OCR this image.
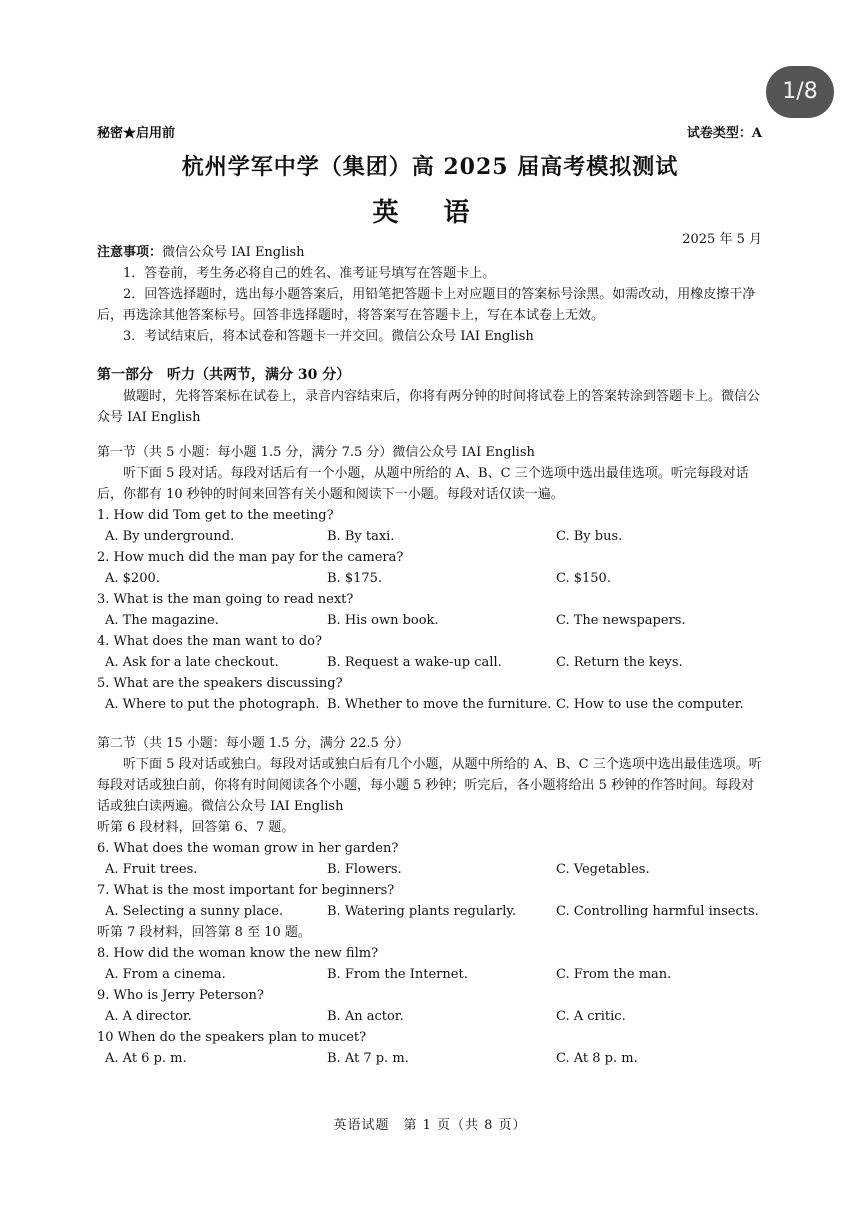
1/8
秘密★启用前	试卷类型：A
杭州学军中学（集团）高 2025 届高考模拟测试
英 语
2025 年 5 月
注意事项：微信公众号 IAI English
1．答卷前，考生务必将自己的姓名、准考证号填写在答题卡上。
2．回答选择题时，选出每小题答案后，用铅笔把答题卡上对应题目的答案标号涂黑。如需改动，用橡皮擦干净后，再选涂其他答案标号。回答非选择题时，将答案写在答题卡上，写在本试卷上无效。
3．考试结束后，将本试卷和答题卡一并交回。微信公众号 IAI English
第一部分　听力（共两节，满分 30 分）
做题时，先将答案标在试卷上，录音内容结束后，你将有两分钟的时间将试卷上的答案转涂到答题卡上。微信公众号 IAI English
第一节（共 5 小题：每小题 1.5 分，满分 7.5 分）微信公众号 IAI English
听下面 5 段对话。每段对话后有一个小题，从题中所给的 A、B、C 三个选项中选出最佳选项。听完每段对话后，你都有 10 秒钟的时间来回答有关小题和阅读下一小题。每段对话仅读一遍。
1. How did Tom get to the meeting?
A. By underground.	B. By taxi.	C. By bus.
2. How much did the man pay for the camera?
A. $200.	B. $175.	C. $150.
3. What is the man going to read next?
A. The magazine.	B. His own book.	C. The newspapers.
4. What does the man want to do?
A. Ask for a late checkout.	B. Request a wake-up call.	C. Return the keys.
5. What are the speakers discussing?
A. Where to put the photograph. B. Whether to move the furniture. C. How to use the computer.
第二节（共 15 小题：每小题 1.5 分，满分 22.5 分）
听下面 5 段对话或独白。每段对话或独白后有几个小题，从题中所给的 A、B、C 三个选项中选出最佳选项。听每段对话或独白前，你将有时间阅读各个小题，每小题 5 秒钟；听完后，各小题将给出 5 秒钟的作答时间。每段对话或独白读两遍。微信公众号 IAI English
听第 6 段材料，回答第 6、7 题。
6. What does the woman grow in her garden?
A. Fruit trees.	B. Flowers.	C. Vegetables.
7. What is the most important for beginners?
A. Selecting a sunny place.	B. Watering plants regularly.	C. Controlling harmful insects.
听第 7 段材料，回答第 8 至 10 题。
8. How did the woman know the new film?
A. From a cinema.	B. From the Internet.	C. From the man.
9. Who is Jerry Peterson?
A. A director.	B. An actor.	C. A critic.
10 When do the speakers plan to mucet?
A. At 6 p. m.	B. At 7 p. m.	C. At 8 p. m.
英语试题　第 1 页（共 8 页）
